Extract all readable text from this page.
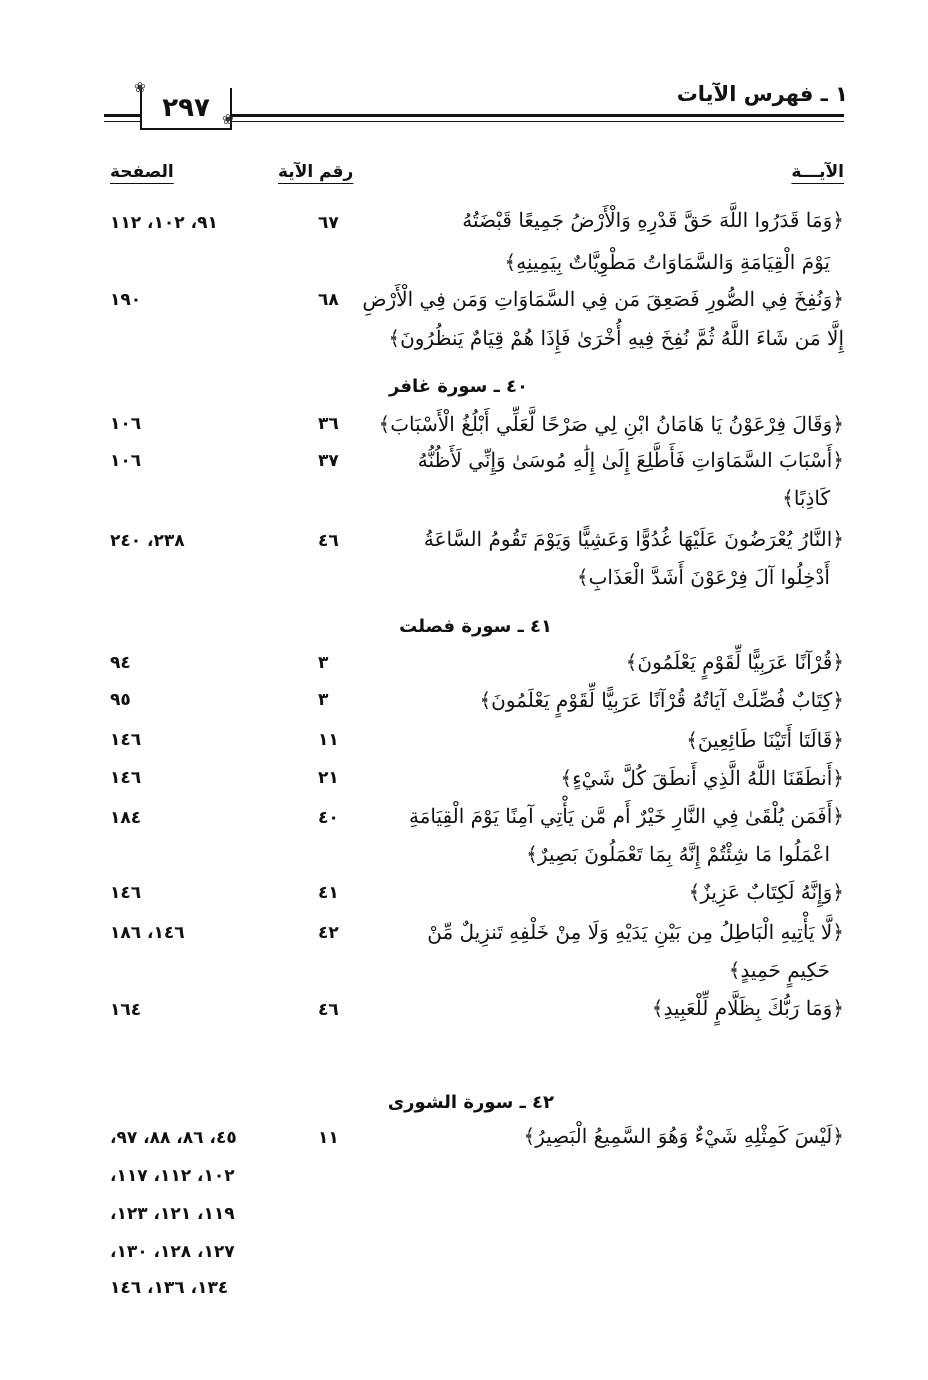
١ ـ فهرس الآيات
٢٩٧
❀
❀
الآيـــة
رقم الآية
الصفحة
﴿وَمَا قَدَرُوا اللَّهَ حَقَّ قَدْرِهِ وَالْأَرْضُ جَمِيعًا قَبْضَتُهُ
يَوْمَ الْقِيَامَةِ وَالسَّمَاوَاتُ مَطْوِيَّاتٌ بِيَمِينِهِ﴾
٦٧
٩١، ١٠٢، ١١٢
﴿وَنُفِخَ فِي الصُّورِ فَصَعِقَ مَن فِي السَّمَاوَاتِ وَمَن فِي الْأَرْضِ
إِلَّا مَن شَاءَ اللَّهُ ثُمَّ نُفِخَ فِيهِ أُخْرَىٰ فَإِذَا هُمْ قِيَامٌ يَنظُرُونَ﴾
٦٨
١٩٠
٤٠ ـ سورة غافر
﴿وَقَالَ فِرْعَوْنُ يَا هَامَانُ ابْنِ لِي صَرْحًا لَّعَلِّي أَبْلُغُ الْأَسْبَابَ﴾
٣٦
١٠٦
﴿أَسْبَابَ السَّمَاوَاتِ فَأَطَّلِعَ إِلَىٰ إِلَٰهِ مُوسَىٰ وَإِنِّي لَأَظُنُّهُ
كَاذِبًا﴾
٣٧
١٠٦
﴿النَّارُ يُعْرَضُونَ عَلَيْهَا غُدُوًّا وَعَشِيًّا وَيَوْمَ تَقُومُ السَّاعَةُ
أَدْخِلُوا آلَ فِرْعَوْنَ أَشَدَّ الْعَذَابِ﴾
٤٦
٢٣٨، ٢٤٠
٤١ ـ سورة فصلت
﴿قُرْآنًا عَرَبِيًّا لِّقَوْمٍ يَعْلَمُونَ﴾
٣
٩٤
﴿كِتَابٌ فُصِّلَتْ آيَاتُهُ قُرْآنًا عَرَبِيًّا لِّقَوْمٍ يَعْلَمُونَ﴾
٣
٩٥
﴿قَالَتَا أَتَيْنَا طَائِعِينَ﴾
١١
١٤٦
﴿أَنطَقَنَا اللَّهُ الَّذِي أَنطَقَ كُلَّ شَيْءٍ﴾
٢١
١٤٦
﴿أَفَمَن يُلْقَىٰ فِي النَّارِ خَيْرٌ أَم مَّن يَأْتِي آمِنًا يَوْمَ الْقِيَامَةِ
اعْمَلُوا مَا شِئْتُمْ إِنَّهُ بِمَا تَعْمَلُونَ بَصِيرٌ﴾
٤٠
١٨٤
﴿وَإِنَّهُ لَكِتَابٌ عَزِيزٌ﴾
٤١
١٤٦
﴿لَّا يَأْتِيهِ الْبَاطِلُ مِن بَيْنِ يَدَيْهِ وَلَا مِنْ خَلْفِهِ تَنزِيلٌ مِّنْ
حَكِيمٍ حَمِيدٍ﴾
٤٢
١٤٦، ١٨٦
﴿وَمَا رَبُّكَ بِظَلَّامٍ لِّلْعَبِيدِ﴾
٤٦
١٦٤
٤٢ ـ سورة الشورى
﴿لَيْسَ كَمِثْلِهِ شَيْءٌ وَهُوَ السَّمِيعُ الْبَصِيرُ﴾
١١
٤٥، ٨٦، ٨٨، ٩٧،
١٠٢، ١١٢، ١١٧،
١١٩، ١٢١، ١٢٣،
١٢٧، ١٢٨، ١٣٠،
١٣٤، ١٣٦، ١٤٦
